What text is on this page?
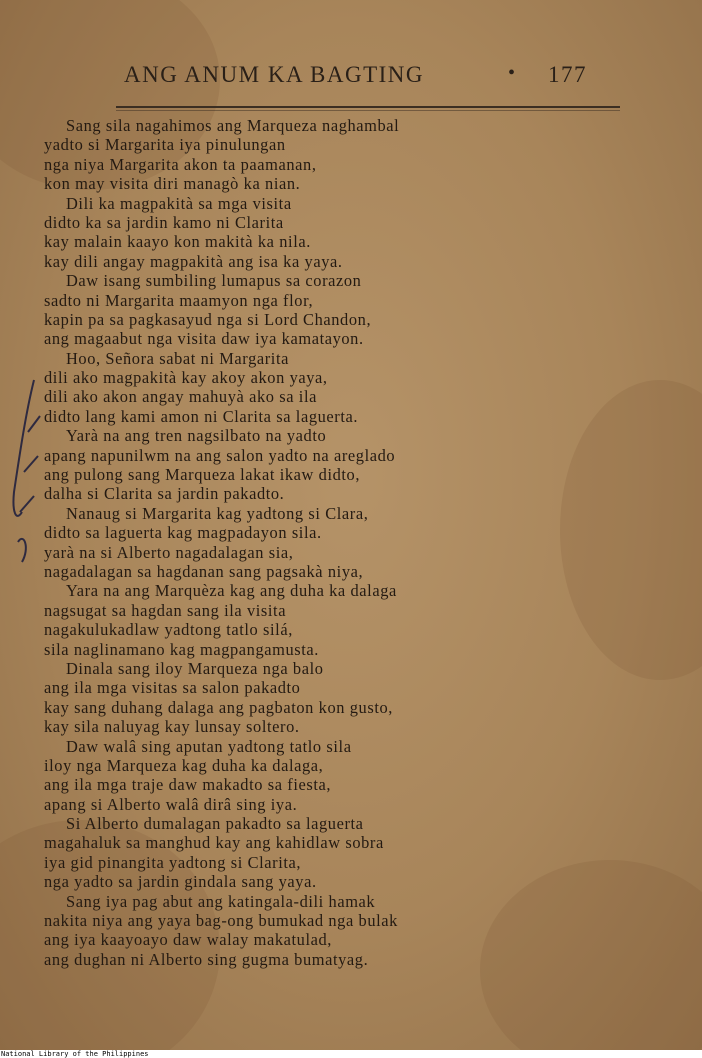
ANG ANUM KA BAGTING	• 177
Sang sila nagahimos ang Marqueza naghambal
yadto si Margarita iya pinulungan
nga niya Margarita akon ta paamanan,
kon may visita diri managò ka nian.
Dili ka magpakità sa mga visita
didto ka sa jardin kamo ni Clarita
kay malain kaayo kon makità ka nila.
kay dili angay magpakità ang isa ka yaya.
Daw isang sumbiling lumapus sa corazon
sadto ni Margarita maamyon nga flor,
kapin pa sa pagkasayud nga si Lord Chandon,
ang magaabut nga visita daw iya kamatayon.
Hoo, Señora sabat ni Margarita
dili ako magpakità kay akoy akon yaya,
dili ako akon angay mahuyà ako sa ila
didto lang kami amon ni Clarita sa laguerta.
Yarà na ang tren nagsilbato na yadto
apang napunilwm na ang salon yadto na areglado
ang pulong sang Marqueza lakat ikaw didto,
dalha si Clarita sa jardin pakadto.
Nanaug si Margarita kag yadtong si Clara,
didto sa laguerta kag magpadayon sila.
yarà na si Alberto nagadalagan sia,
nagadalagan sa hagdanan sang pagsakà niya,
Yara na ang Marquèza kag ang duha ka dalaga
nagsugat sa hagdan sang ila visita
nagakulukadlaw yadtong tatlo silá,
sila naglinamano kag magpangamusta.
Dinala sang iloy Marqueza nga balo
ang ila mga visitas sa salon pakadto
kay sang duhang dalaga ang pagbaton kon gusto,
kay sila naluyag kay lunsay soltero.
Daw walâ sing aputan yadtong tatlo sila
iloy nga Marqueza kag duha ka dalaga,
ang ila mga traje daw makadto sa fiesta,
apang si Alberto walâ dirâ sing iya.
Si Alberto dumalagan pakadto sa laguerta
magahaluk sa manghud kay ang kahidlaw sobra
iya gid pinangita yadtong si Clarita,
nga yadto sa jardin gindala sang yaya.
Sang iya pag abut ang katingala-dili hamak
nakita niya ang yaya bag-ong bumukad nga bulak
ang iya kaayoayo daw walay makatulad,
ang dughan ni Alberto sing gugma bumatyag.
National Library of the Philippines
